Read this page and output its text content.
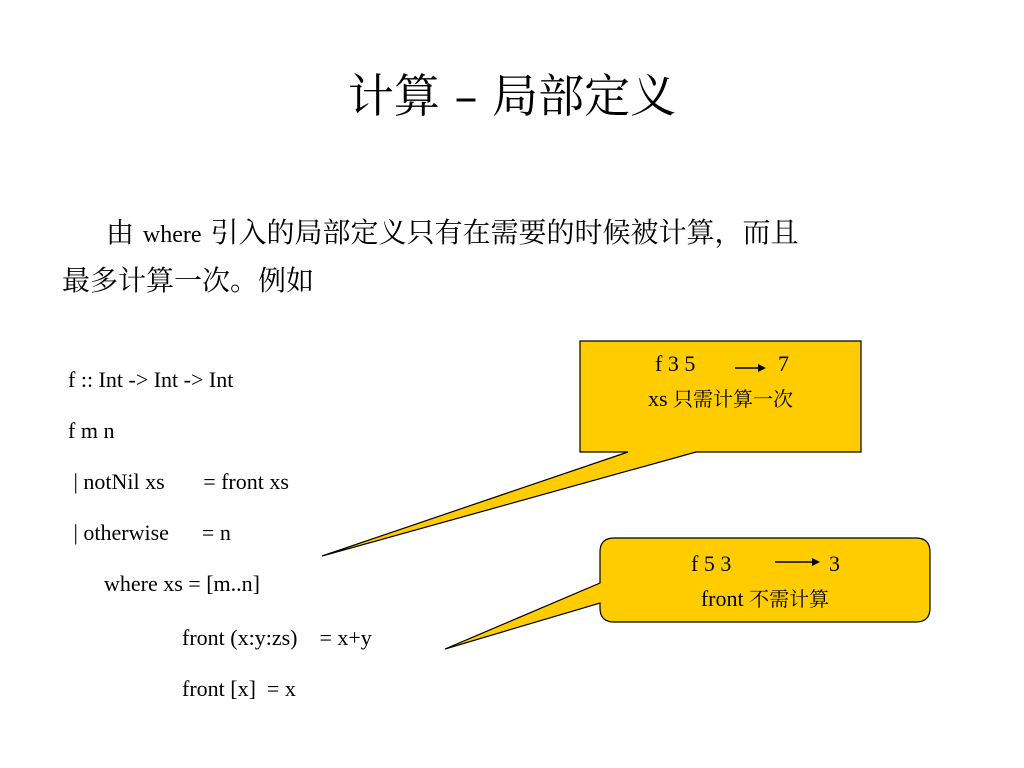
计算 – 局部定义
由 where 引入的局部定义只有在需要的时候被计算，而且
最多计算一次。例如
f :: Int -> Int -> Int
f m n
| notNil xs       = front xs
| otherwise      = n
where xs = [m..n]
front (x:y:zs)    = x+y
front [x]  = x
f 3 5	7
xs 只需计算一次
f 5 3	3
front 不需计算
